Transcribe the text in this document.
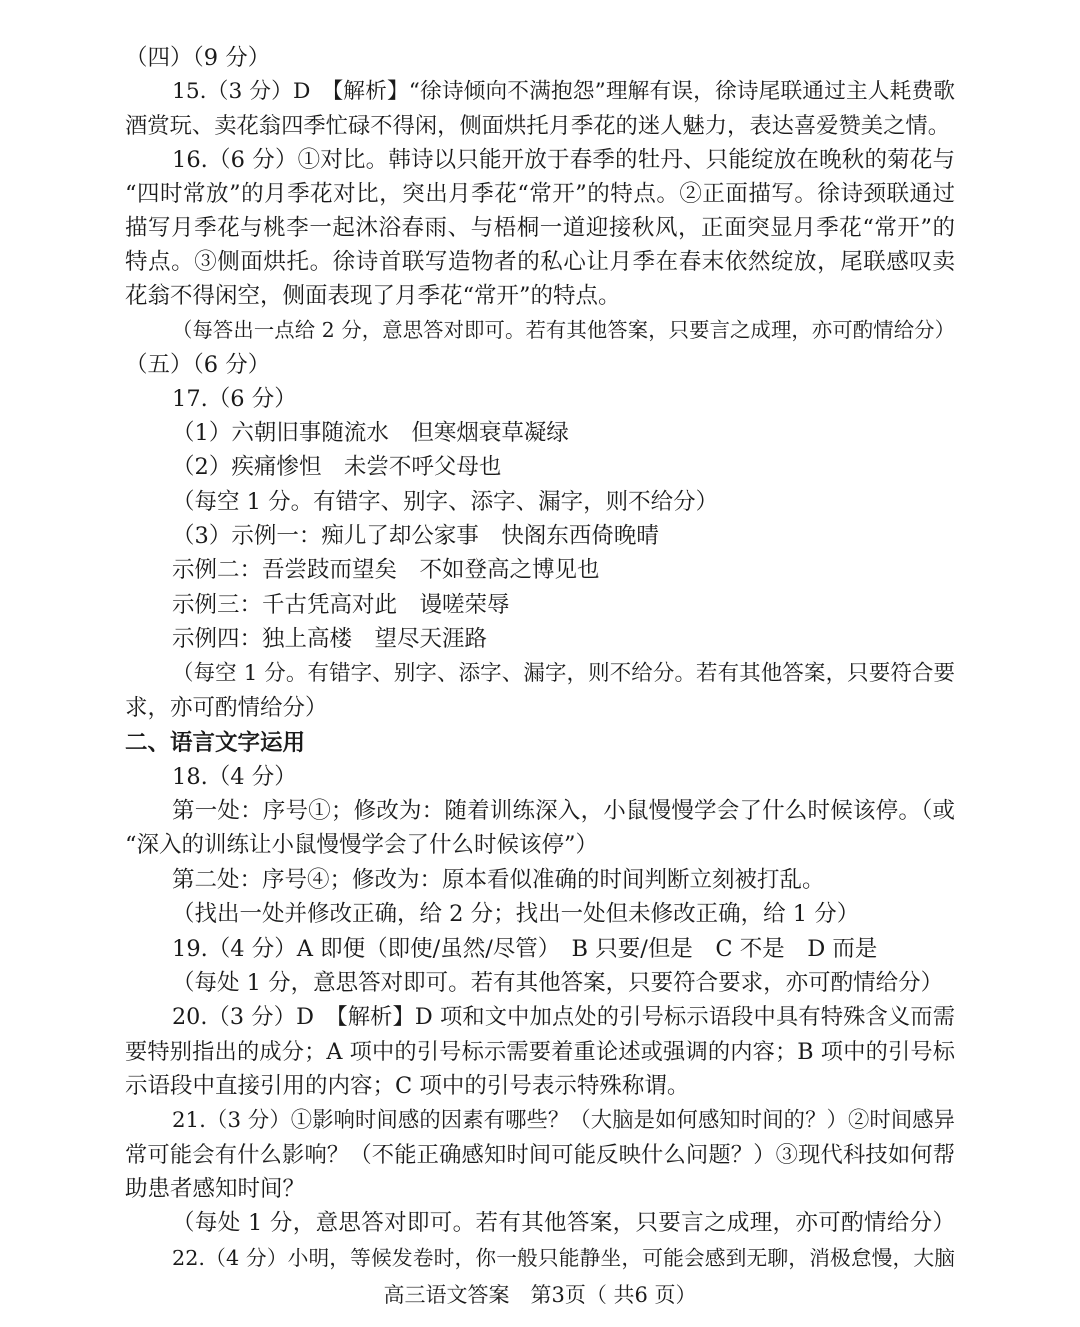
（四）（9 分）
15.（3 分）D　【解析】“徐诗倾向不满抱怨”理解有误，徐诗尾联通过主人耗费歌
酒赏玩、卖花翁四季忙碌不得闲，侧面烘托月季花的迷人魅力，表达喜爱赞美之情。
16.（6 分）①对比。韩诗以只能开放于春季的牡丹、只能绽放在晚秋的菊花与
“四时常放”的月季花对比，突出月季花“常开”的特点。②正面描写。徐诗颈联通过
描写月季花与桃李一起沐浴春雨、与梧桐一道迎接秋风，正面突显月季花“常开”的
特点。③侧面烘托。徐诗首联写造物者的私心让月季在春末依然绽放，尾联感叹卖
花翁不得闲空，侧面表现了月季花“常开”的特点。
（每答出一点给 2 分，意思答对即可。若有其他答案，只要言之成理，亦可酌情给分）
（五）（6 分）
17.（6 分）
（1）六朝旧事随流水　但寒烟衰草凝绿
（2）疾痛惨怛　未尝不呼父母也
（每空 1 分。有错字、别字、添字、漏字，则不给分）
（3）示例一：痴儿了却公家事　快阁东西倚晚晴
示例二：吾尝跂而望矣　不如登高之博见也
示例三：千古凭高对此　谩嗟荣辱
示例四：独上高楼　望尽天涯路
（每空 1 分。有错字、别字、添字、漏字，则不给分。若有其他答案，只要符合要
求，亦可酌情给分）
二、语言文字运用
18.（4 分）
第一处：序号①；修改为：随着训练深入，小鼠慢慢学会了什么时候该停。（或
“深入的训练让小鼠慢慢学会了什么时候该停”）
第二处：序号④；修改为：原本看似准确的时间判断立刻被打乱。
（找出一处并修改正确，给 2 分；找出一处但未修改正确，给 1 分）
19.（4 分）A 即便（即使/虽然/尽管）　B 只要/但是　C 不是　D 而是
（每处 1 分，意思答对即可。若有其他答案，只要符合要求，亦可酌情给分）
20.（3 分）D　【解析】D 项和文中加点处的引号标示语段中具有特殊含义而需
要特别指出的成分；A 项中的引号标示需要着重论述或强调的内容；B 项中的引号标
示语段中直接引用的内容；C 项中的引号表示特殊称谓。
21.（3 分）①影响时间感的因素有哪些？（大脑是如何感知时间的？）②时间感异
常可能会有什么影响？（不能正确感知时间可能反映什么问题？）③现代科技如何帮
助患者感知时间？
（每处 1 分，意思答对即可。若有其他答案，只要言之成理，亦可酌情给分）
22.（4 分）小明，等候发卷时，你一般只能静坐，可能会感到无聊，消极怠慢，大脑
高三语文答案　第3页（ 共6 页）
